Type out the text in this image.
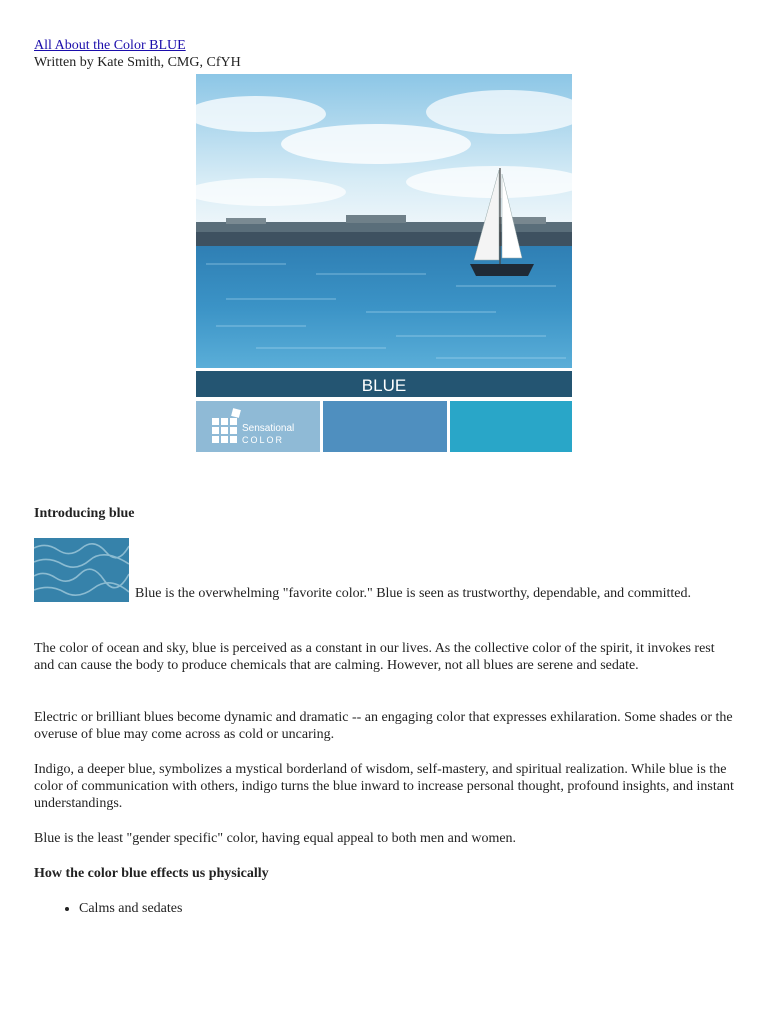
All About the Color BLUE
Written by Kate Smith, CMG, CfYH
BLUE
Sensational
COLOR
Introducing blue
Blue is the overwhelming "favorite color." Blue is seen as trustworthy, dependable, and committed.

The color of ocean and sky, blue is perceived as a constant in our lives. As the collective color of the spirit, it invokes rest and can cause the body to produce chemicals that are calming. However, not all blues are serene and sedate.

Electric or brilliant blues become dynamic and dramatic -- an engaging color that expresses exhilaration. Some shades or the overuse of blue may come across as cold or uncaring.

Indigo, a deeper blue, symbolizes a mystical borderland of wisdom, self-mastery, and spiritual realization. While blue is the color of communication with others, indigo turns the blue inward to increase personal thought, profound insights, and instant understandings.

Blue is the least "gender specific" color, having equal appeal to both men and women.

How the color blue effects us physically
• Calms and sedates
